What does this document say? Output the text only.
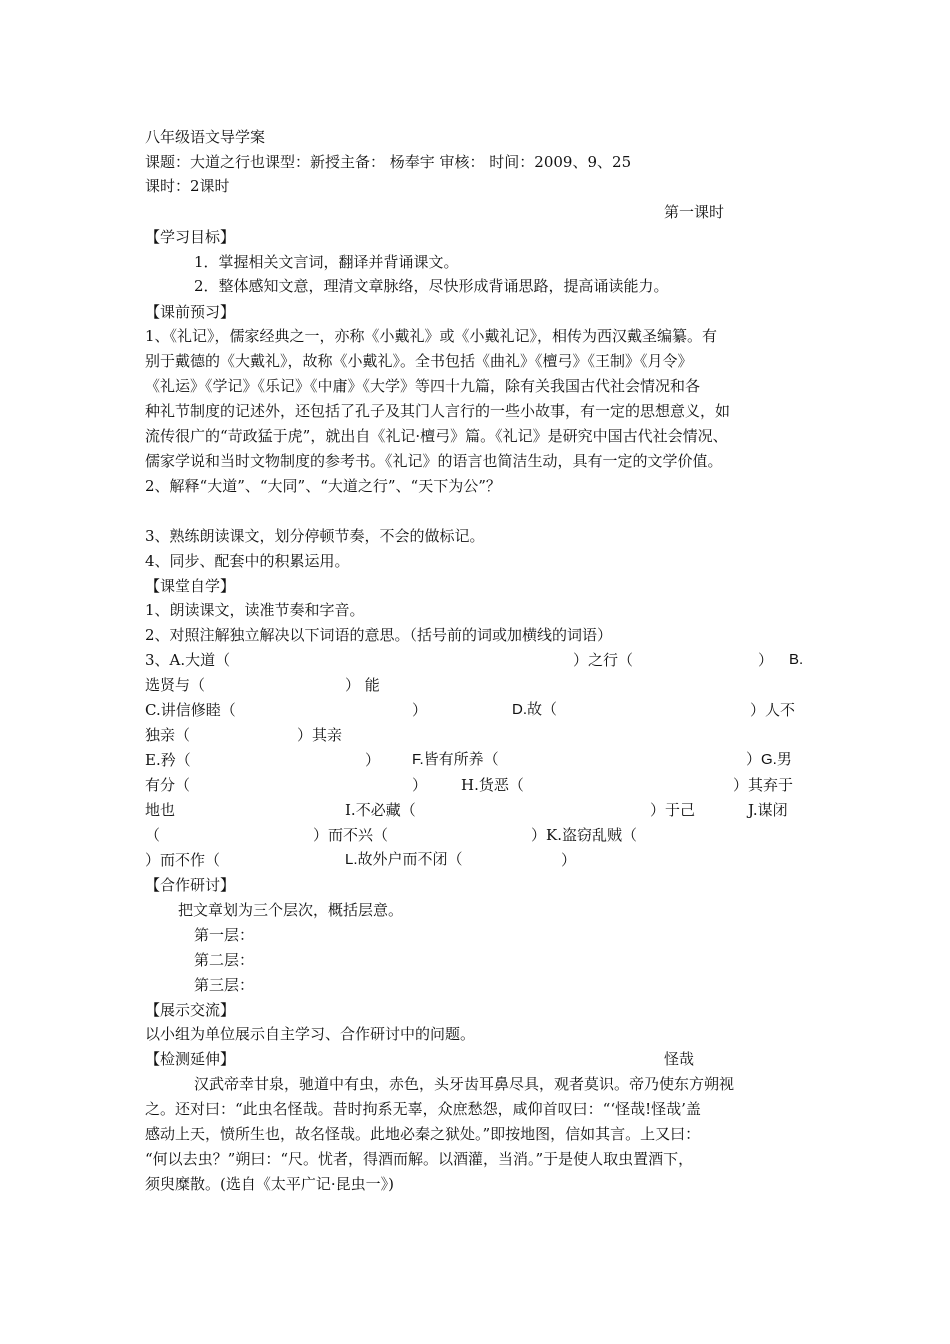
八年级语文导学案
课题：大道之行也课型：新授主备： 杨奉宇 审核： 时间：2009、9、25
课时：2课时
第一课时
【学习目标】
1．掌握相关文言词，翻译并背诵课文。
2．整体感知文意，理清文章脉络，尽快形成背诵思路，提高诵读能力。
【课前预习】
1、《礼记》，儒家经典之一，亦称《小戴礼》或《小戴礼记》，相传为西汉戴圣编纂。有
别于戴德的《大戴礼》，故称《小戴礼》。全书包括《曲礼》《檀弓》《王制》《月令》
《礼运》《学记》《乐记》《中庸》《大学》等四十九篇，除有关我国古代社会情况和各
种礼节制度的记述外，还包括了孔子及其门人言行的一些小故事，有一定的思想意义，如
流传很广的“苛政猛于虎”，就出自《礼记·檀弓》篇。《礼记》是研究中国古代社会情况、
儒家学说和当时文物制度的参考书。《礼记》的语言也简洁生动，具有一定的文学价值。
2、解释“大道”、“大同”、“大道之行”、“天下为公”？
3、熟练朗读课文，划分停顿节奏，不会的做标记。
4、同步、配套中的积累运用。
【课堂自学】
1、朗读课文，读准节奏和字音。
2、对照注解独立解决以下词语的意思。（括号前的词或加横线的词语）
3、A.大道（	）之行（	） B.
选贤与（	） 能
C.讲信修睦（	）	D.故（	）人不
独亲（	）其亲
E.矜（	） F.皆有所养（	）G.男
有分（	） H.货恶（	）其弃于
地也	I.不必藏（	）于己	J.谋闭
（	）而不兴（	）K.盗窃乱贼（
）而不作（	L.故外户而不闭（	）
【合作研讨】
把文章划为三个层次，概括层意。
第一层：
第二层：
第三层：
【展示交流】
以小组为单位展示自主学习、合作研讨中的问题。
【检测延伸】	怪哉
汉武帝幸甘泉，驰道中有虫，赤色，头牙齿耳鼻尽具，观者莫识。帝乃使东方朔视
之。还对曰：“此虫名怪哉。昔时拘系无辜，众庶愁怨，咸仰首叹曰：“‘怪哉!怪哉’盖
感动上天，愤所生也，故名怪哉。此地必秦之狱处。”即按地图，信如其言。上又曰：
“何以去虫？”朔曰：“尺。忧者，得酒而解。以酒灌，当消。”于是使人取虫置酒下，
须臾糜散。(选自《太平广记·昆虫一》)
